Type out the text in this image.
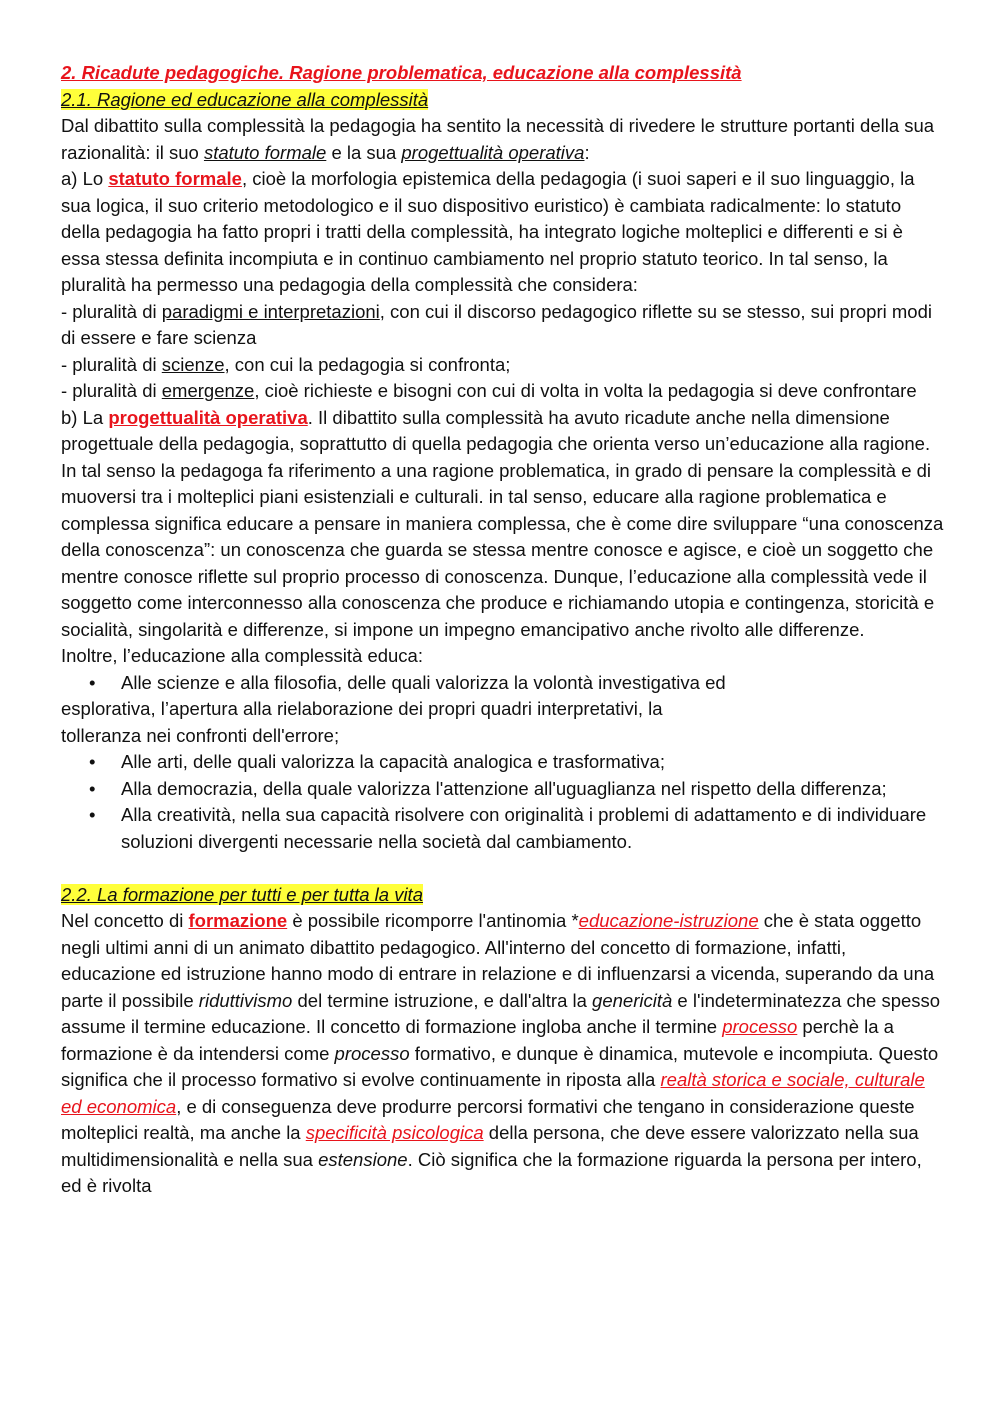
2. Ricadute pedagogiche. Ragione problematica, educazione alla complessità

2.1. Ragione ed educazione alla complessità

Dal dibattito sulla complessità la pedagogia ha sentito la necessità di rivedere le strutture portanti della sua razionalità: il suo statuto formale e la sua progettualità operativa:

a) Lo statuto formale, cioè la morfologia epistemica della pedagogia (i suoi saperi e il suo linguaggio, la sua logica, il suo criterio metodologico e il suo dispositivo euristico) è cambiata radicalmente: lo statuto della pedagogia ha fatto propri i tratti della complessità, ha integrato logiche molteplici e differenti e si è essa stessa definita incompiuta e in continuo cambiamento nel proprio statuto teorico. In tal senso, la pluralità ha permesso una pedagogia della complessità che considera:

- pluralità di paradigmi e interpretazioni, con cui il discorso pedagogico riflette su se stesso, sui propri modi di essere e fare scienza

- pluralità di scienze, con cui la pedagogia si confronta;

- pluralità di emergenze, cioè richieste e bisogni con cui di volta in volta la pedagogia si deve confrontare

b) La progettualità operativa. Il dibattito sulla complessità ha avuto ricadute anche nella dimensione progettuale della pedagogia, soprattutto di quella pedagogia che orienta verso un’educazione alla ragione. In tal senso la pedagoga fa riferimento a una ragione problematica, in grado di pensare la complessità e di muoversi tra i molteplici piani esistenziali e culturali. in tal senso, educare alla ragione problematica e complessa significa educare a pensare in maniera complessa, che è come dire sviluppare “una conoscenza della conoscenza”: un conoscenza che guarda se stessa mentre conosce e agisce, e cioè un soggetto che mentre conosce riflette sul proprio processo di conoscenza. Dunque, l’educazione alla complessità vede il soggetto come interconnesso alla conoscenza che produce e richiamando utopia e contingenza, storicità e socialità, singolarità e differenze, si impone un impegno emancipativo anche rivolto alle differenze.

Inoltre, l’educazione alla complessità educa:

• Alle scienze e alla filosofia, delle quali valorizza la volontà investigativa ed

esplorativa, l’apertura alla rielaborazione dei propri quadri interpretativi, la

tolleranza nei confronti dell'errore;

• Alle arti, delle quali valorizza la capacità analogica e trasformativa;
• Alla democrazia, della quale valorizza l'attenzione all'uguaglianza nel rispetto della differenza;
• Alla creatività, nella sua capacità risolvere con originalità i problemi di adattamento e di individuare soluzioni divergenti necessarie nella società dal cambiamento.

2.2. La formazione per tutti e per tutta la vita

Nel concetto di formazione è possibile ricomporre l'antinomia *educazione-istruzione che è stata oggetto negli ultimi anni di un animato dibattito pedagogico. All'interno del concetto di formazione, infatti, educazione ed istruzione hanno modo di entrare in relazione e di influenzarsi a vicenda, superando da una parte il possibile riduttivismo del termine istruzione, e dall'altra la genericità e l'indeterminatezza che spesso assume il termine educazione. Il concetto di formazione ingloba anche il termine processo perchè la a formazione è da intendersi come processo formativo, e dunque è dinamica, mutevole e incompiuta. Questo significa che il processo formativo si evolve continuamente in riposta alla realtà storica e sociale, culturale ed economica, e di conseguenza deve produrre percorsi formativi che tengano in considerazione queste molteplici realtà, ma anche la specificità psicologica della persona, che deve essere valorizzato nella sua multidimensionalità e nella sua estensione. Ciò significa che la formazione riguarda la persona per intero, ed è rivolta
